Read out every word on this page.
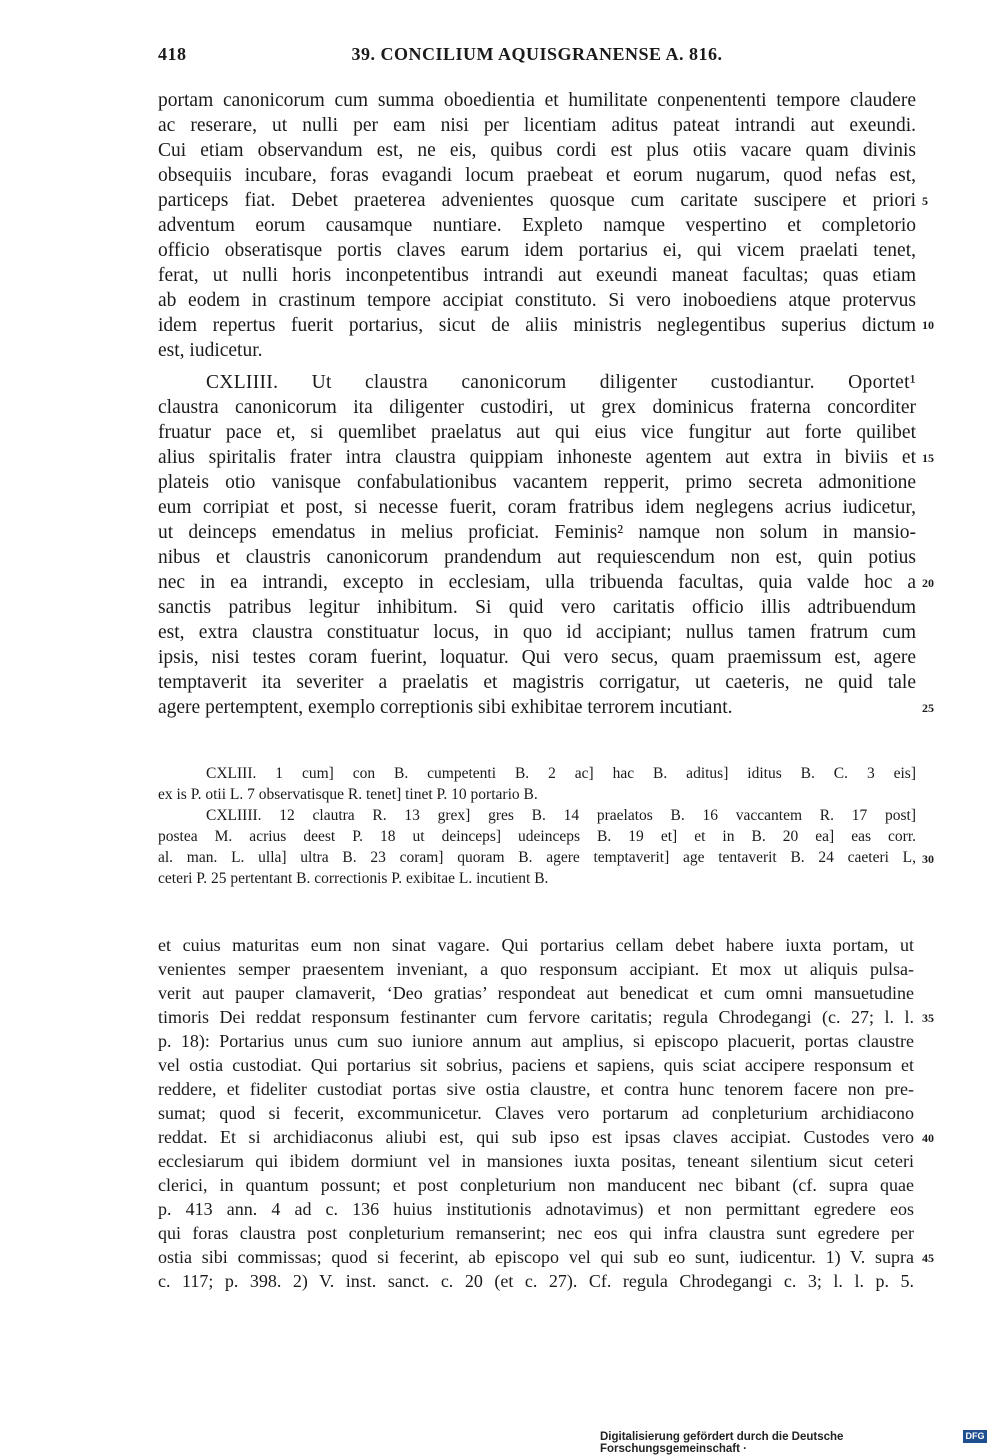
418	39. CONCILIUM AQUISGRANENSE A. 816.
portam canonicorum cum summa oboedientia et humilitate conpenententi tempore claudere
ac reserare, ut nulli per eam nisi per licentiam aditus pateat intrandi aut exeundi.
Cui etiam observandum est, ne eis, quibus cordi est plus otiis vacare quam divinis
obsequiis incubare, foras evagandi locum praebeat et eorum nugarum, quod nefas est,
particeps fiat. Debet praeterea advenientes quosque cum caritate suscipere et priori
adventum eorum causamque nuntiare. Expleto namque vespertino et completorio
officio obseratisque portis claves earum idem portarius ei, qui vicem praelati tenet,
ferat, ut nulli horis inconpetentibus intrandi aut exeundi maneat facultas; quas etiam
ab eodem in crastinum tempore accipiat constituto. Si vero inoboediens atque protervus
idem repertus fuerit portarius, sicut de aliis ministris neglegentibus superius dictum
est, iudicetur.
CXLIIII. Ut claustra canonicorum diligenter custodiantur. Oportet¹
claustra canonicorum ita diligenter custodiri, ut grex dominicus fraterna concorditer
fruatur pace et, si quemlibet praelatus aut qui eius vice fungitur aut forte quilibet
alius spiritalis frater intra claustra quippiam inhoneste agentem aut extra in biviis et
plateis otio vanisque confabulationibus vacantem repperit, primo secreta admonitione
eum corripiat et post, si necesse fuerit, coram fratribus idem neglegens acrius iudicetur,
ut deinceps emendatus in melius proficiat. Feminis² namque non solum in mansio-
nibus et claustris canonicorum prandendum aut requiescendum non est, quin potius
nec in ea intrandi, excepto in ecclesiam, ulla tribuenda facultas, quia valde hoc a
sanctis patribus legitur inhibitum. Si quid vero caritatis officio illis adtribuendum
est, extra claustra constituatur locus, in quo id accipiant; nullus tamen fratrum cum
ipsis, nisi testes coram fuerint, loquatur. Qui vero secus, quam praemissum est, agere
temptaverit ita severiter a praelatis et magistris corrigatur, ut caeteris, ne quid tale
agere pertemptent, exemplo correptionis sibi exhibitae terrorem incutiant.
5
10
15
20
25
CXLIII. 1 cum] con B. cumpetenti B. 2 ac] hac B. aditus] iditus B. C. 3 eis]
ex is P. otii L. 7 observatisque R. tenet] tinet P. 10 portario B.
CXLIIII. 12 clautra R. 13 grex] gres B. 14 praelatos B. 16 vaccantem R. 17 post]
postea M. acrius deest P. 18 ut deinceps] udeinceps B. 19 et] et in B. 20 ea] eas corr.
al. man. L. ulla] ultra B. 23 coram] quoram B. agere temptaverit] age tentaverit B. 24 caeteri L,
ceteri P. 25 pertentant B. correctionis P. exibitae L. incutient B.
30
et cuius maturitas eum non sinat vagare. Qui portarius cellam debet habere iuxta portam, ut
venientes semper praesentem inveniant, a quo responsum accipiant. Et mox ut aliquis pulsa-
verit aut pauper clamaverit, ‘Deo gratias’ respondeat aut benedicat et cum omni mansuetudine
timoris Dei reddat responsum festinanter cum fervore caritatis; regula Chrodegangi (c. 27; l. l.
p. 18): Portarius unus cum suo iuniore annum aut amplius, si episcopo placuerit, portas claustre
vel ostia custodiat. Qui portarius sit sobrius, paciens et sapiens, quis sciat accipere responsum et
reddere, et fideliter custodiat portas sive ostia claustre, et contra hunc tenorem facere non pre-
sumat; quod si fecerit, excommunicetur. Claves vero portarum ad conpleturium archidiacono
reddat. Et si archidiaconus aliubi est, qui sub ipso est ipsas claves accipiat. Custodes vero
ecclesiarum qui ibidem dormiunt vel in mansiones iuxta positas, teneant silentium sicut ceteri
clerici, in quantum possunt; et post conpleturium non manducent nec bibant (cf. supra quae
p. 413 ann. 4 ad c. 136 huius institutionis adnotavimus) et non permittant egredere eos
qui foras claustra post conpleturium remanserint; nec eos qui infra claustra sunt egredere per
ostia sibi commissas; quod si fecerint, ab episcopo vel qui sub eo sunt, iudicentur. 1) V. supra
c. 117; p. 398. 2) V. inst. sanct. c. 20 (et c. 27). Cf. regula Chrodegangi c. 3; l. l. p. 5.
35
40
45
Digitalisierung gefördert durch die Deutsche Forschungsgemeinschaft ·
DFG
